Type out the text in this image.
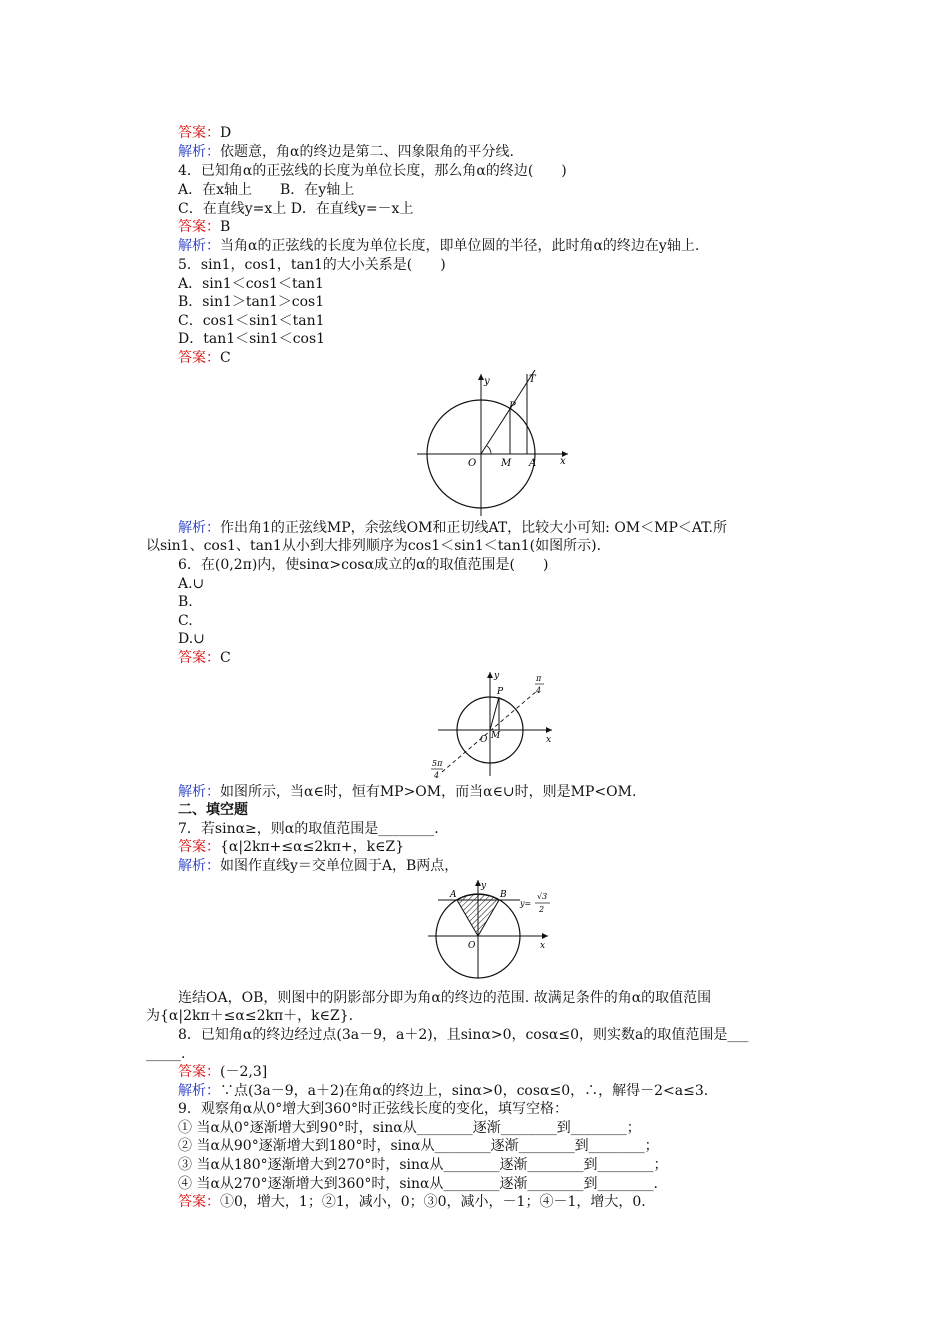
答案：D
解析：依题意，角α的终边是第二、四象限角的平分线.
4．已知角α的正弦线的长度为单位长度，那么角α的终边(　　)
A．在x轴上　　B．在y轴上
C．在直线y=x上 D．在直线y=－x上
答案：B
解析：当角α的正弦线的长度为单位长度，即单位圆的半径，此时角α的终边在y轴上.
5．sin1，cos1，tan1的大小关系是(　　)
A．sin1＜cos1＜tan1
B．sin1＞tan1＞cos1
C．cos1＜sin1＜tan1
D．tan1＜sin1＜cos1
答案：C
y
x
O M A
P
T
解析：作出角1的正弦线MP，余弦线OM和正切线AT，比较大小可知: OM＜MP＜AT.所
以sin1、cos1、tan1从小到大排列顺序为cos1＜sin1＜tan1(如图所示).
6．在(0,2π)内，使sinα>cosα成立的α的取值范围是(　　)
A.∪
B.
C.
D.∪
答案：C
y
x
O M
P
π
4
5π
4
解析：如图所示，当α∈时，恒有MP>OM，而当α∈∪时，则是MP<OM.
二、填空题
7．若sinα≥，则α的取值范围是________.
答案：{α|2kπ+≤α≤2kπ+，k∈Z}
解析：如图作直线y＝交单位圆于A，B两点，
y
x
O
A	B
y=
√3
2
连结OA，OB，则图中的阴影部分即为角α的终边的范围. 故满足条件的角α的取值范围
为{α|2kπ＋≤α≤2kπ＋，k∈Z}.
8．已知角α的终边经过点(3a－9，a＋2)，且sinα>0，cosα≤0，则实数a的取值范围是___
_____.
答案：(－2,3]
解析：∵点(3a－9，a＋2)在角α的终边上，sinα>0，cosα≤0，∴，解得－2<a≤3.
9．观察角α从0°增大到360°时正弦线长度的变化，填写空格：
① 当α从0°逐渐增大到90°时，sinα从________逐渐________到________；
② 当α从90°逐渐增大到180°时，sinα从________逐渐________到________；
③ 当α从180°逐渐增大到270°时，sinα从________逐渐________到________；
④ 当α从270°逐渐增大到360°时，sinα从________逐渐________到________.
答案：①0，增大，1；②1，减小，0；③0，减小，－1；④－1，增大，0.
